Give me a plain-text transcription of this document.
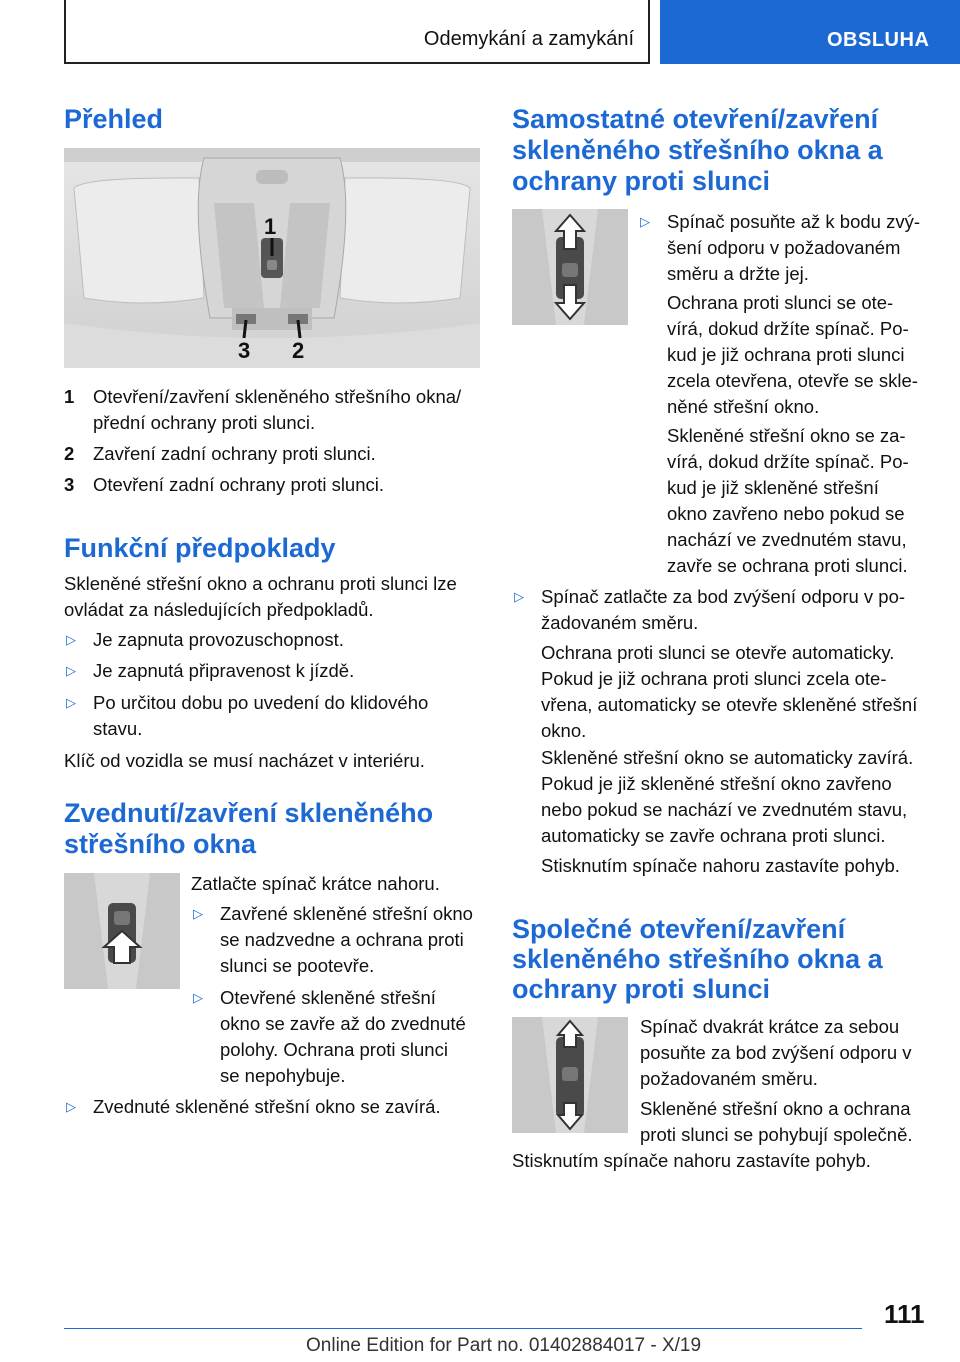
Odemykání a zamykání	OBSLUHA
Přehled
1
3 2
1 Otevření/zavření skleněného střešního okna/
přední ochrany proti slunci.
2 Zavření zadní ochrany proti slunci.
3 Otevření zadní ochrany proti slunci.
Funkční předpoklady
Skleněné střešní okno a ochranu proti slunci lze
ovládat za následujících předpokladů.
▷ Je zapnuta provozuschopnost.
▷ Je zapnutá připravenost k jízdě.
▷ Po určitou dobu po uvedení do klidového
stavu.
Klíč od vozidla se musí nacházet v interiéru.
Zvednutí/zavření skleněného
střešního okna
Zatlačte spínač krátce nahoru.
▷ Zavřené skleněné střešní okno
se nadzvedne a ochrana proti
slunci se pootevře.
▷ Otevřené skleněné střešní
okno se zavře až do zvednuté
polohy. Ochrana proti slunci
se nepohybuje.
▷ Zvednuté skleněné střešní okno se zavírá.
Samostatné otevření/zavření
skleněného střešního okna a
ochrany proti slunci
▷ Spínač posuňte až k bodu zvý-
šení odporu v požadovaném
směru a držte jej.
Ochrana proti slunci se ote-
vírá, dokud držíte spínač. Po-
kud je již ochrana proti slunci
zcela otevřena, otevře se skle-
něné střešní okno.
Skleněné střešní okno se za-
vírá, dokud držíte spínač. Po-
kud je již skleněné střešní
okno zavřeno nebo pokud se
nachází ve zvednutém stavu,
zavře se ochrana proti slunci.
▷ Spínač zatlačte za bod zvýšení odporu v po-
žadovaném směru.
Ochrana proti slunci se otevře automaticky.
Pokud je již ochrana proti slunci zcela ote-
vřena, automaticky se otevře skleněné střešní
okno.
Skleněné střešní okno se automaticky zavírá.
Pokud je již skleněné střešní okno zavřeno
nebo pokud se nachází ve zvednutém stavu,
automaticky se zavře ochrana proti slunci.
Stisknutím spínače nahoru zastavíte pohyb.
Společné otevření/zavření
skleněného střešního okna a
ochrany proti slunci
Spínač dvakrát krátce za sebou
posuňte za bod zvýšení odporu v
požadovaném směru.
Skleněné střešní okno a ochrana
proti slunci se pohybují společně.
Stisknutím spínače nahoru zastavíte pohyb.
111
Online Edition for Part no. 01402884017 - X/19
